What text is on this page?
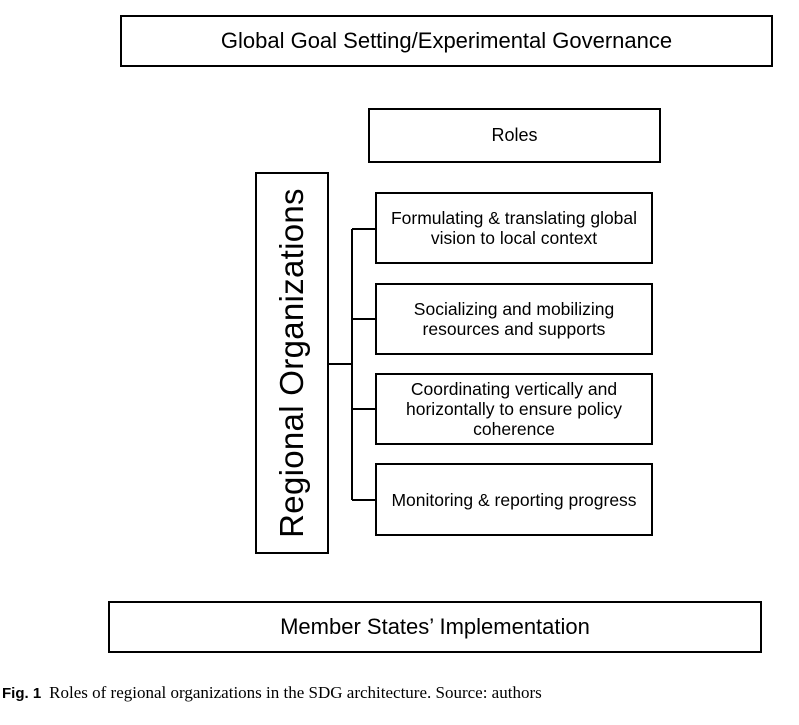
Global Goal Setting/Experimental Governance
Roles
Regional Organizations	Formulating & translating global vision to local context
Socializing and mobilizing resources and supports
Coordinating vertically and horizontally to ensure policy coherence
Monitoring & reporting progress
Member States’ Implementation
Fig. 1 Roles of regional organizations in the SDG architecture. Source: authors
